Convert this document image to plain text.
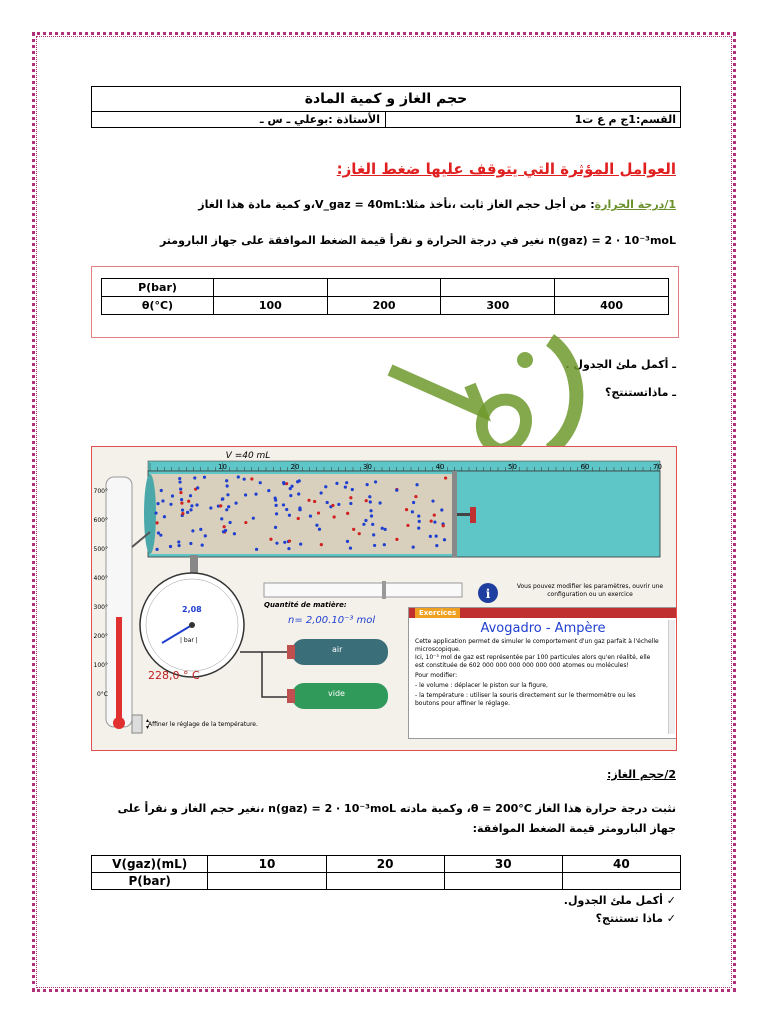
حجم الغاز و كمية المادة
القسم:1ج م ع ت1
الأستاذة :بوعلي ـ س ـ
العوامل المؤثرة التي يتوقف عليها ضغط الغاز:
1/درجة الحرارة: من أجل حجم الغاز ثابت ،نأخذ مثلا:V_gaz = 40mL،و كمية مادة هذا الغاز
n(gaz) = 2 · 10⁻³moL نغير في درجة الحرارة و نقرأ قيمة الضغط الموافقة على جهاز البارومتر
P(bar)				
θ(°C)	100	200	300	400
ـ أكمل ملئ الجدول .
ـ ماذاتستنتج؟
V =40 mL
10	20	30	40	50	60	70
i
700°
600°
500°
400°
300°
200°
100°
0°C
228,0 ° C
2,08
| bar |
Quantité de matière:
n= 2,00.10⁻³ mol
air
vide
Vous pouvez modifier les paramètres, ouvrir une configuration ou un exercice
Affiner le réglage de la température.
▴
▾
Exercices
Avogadro - Ampère
Cette application permet de simuler le comportement d'un gaz parfait à l'échelle microscopique.
Ici, 10⁻³ mol de gaz est représentée par 100 particules alors qu'en réalité, elle est constituée de 602 000 000 000 000 000 000 atomes ou molécules!
Pour modifier:
- le volume : déplacer le piston sur la figure,
- la température : utiliser la souris directement sur le thermomètre ou les boutons pour affiner le réglage.
2/حجم الغاز:
نثبت درجة حرارة هذا الغاز θ = 200°C، وكمية مادته n(gaz) = 2 · 10⁻³moL ،نغير حجم الغاز و نقرأ على
جهاز البارومتر قيمة الضغط الموافقة:
V(gaz)(mL)	10	20	30	40
P(bar)				
✓ أكمل ملئ الجدول.
✓ ماذا تستنتج؟
